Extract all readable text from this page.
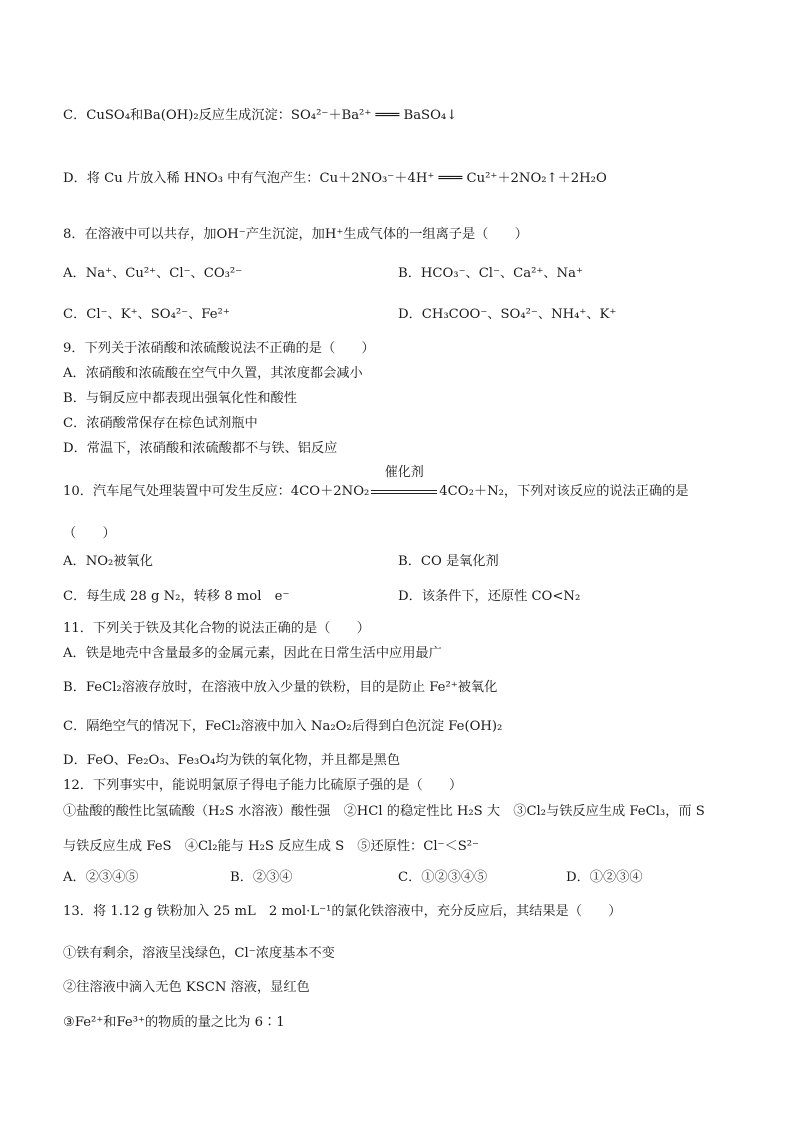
C．CuSO₄和Ba(OH)₂反应生成沉淀：SO₄²⁻＋Ba²⁺ ═══ BaSO₄↓
D．将 Cu 片放入稀 HNO₃ 中有气泡产生：Cu＋2NO₃⁻＋4H⁺ ═══ Cu²⁺＋2NO₂↑＋2H₂O
8．在溶液中可以共存，加OH⁻产生沉淀，加H⁺生成气体的一组离子是（　　）
A．Na⁺、Cu²⁺、Cl⁻、CO₃²⁻	B．HCO₃⁻、Cl⁻、Ca²⁺、Na⁺
C．Cl⁻、K⁺、SO₄²⁻、Fe²⁺	D．CH₃COO⁻、SO₄²⁻、NH₄⁺、K⁺
9．下列关于浓硝酸和浓硫酸说法不正确的是（　　）
A．浓硝酸和浓硫酸在空气中久置，其浓度都会减小
B．与铜反应中都表现出强氧化性和酸性
C．浓硝酸常保存在棕色试剂瓶中
D．常温下，浓硝酸和浓硫酸都不与铁、铝反应
10．汽车尾气处理装置中可发生反应：4CO＋2NO₂
催化剂
4CO₂＋N₂，下列对该反应的说法正确的是
（　　）
A．NO₂被氧化	B．CO 是氧化剂
C．每生成 28 g N₂，转移 8 mol　e⁻	D．该条件下，还原性 CO<N₂
11．下列关于铁及其化合物的说法正确的是（　　）
A．铁是地壳中含量最多的金属元素，因此在日常生活中应用最广
B．FeCl₂溶液存放时，在溶液中放入少量的铁粉，目的是防止 Fe²⁺被氧化
C．隔绝空气的情况下，FeCl₂溶液中加入 Na₂O₂后得到白色沉淀 Fe(OH)₂
D．FeO、Fe₂O₃、Fe₃O₄均为铁的氧化物，并且都是黑色
12．下列事实中，能说明氯原子得电子能力比硫原子强的是（　　）
①盐酸的酸性比氢硫酸（H₂S 水溶液）酸性强　②HCl 的稳定性比 H₂S 大　③Cl₂与铁反应生成 FeCl₃，而 S
与铁反应生成 FeS　④Cl₂能与 H₂S 反应生成 S　⑤还原性：Cl⁻＜S²⁻
A．②③④⑤	B．②③④	C．①②③④⑤	D．①②③④
13．将 1.12 g 铁粉加入 25 mL　2 mol·L⁻¹的氯化铁溶液中，充分反应后，其结果是（　　）
①铁有剩余，溶液呈浅绿色，Cl⁻浓度基本不变
②往溶液中滴入无色 KSCN 溶液，显红色
③Fe²⁺和Fe³⁺的物质的量之比为 6∶1
